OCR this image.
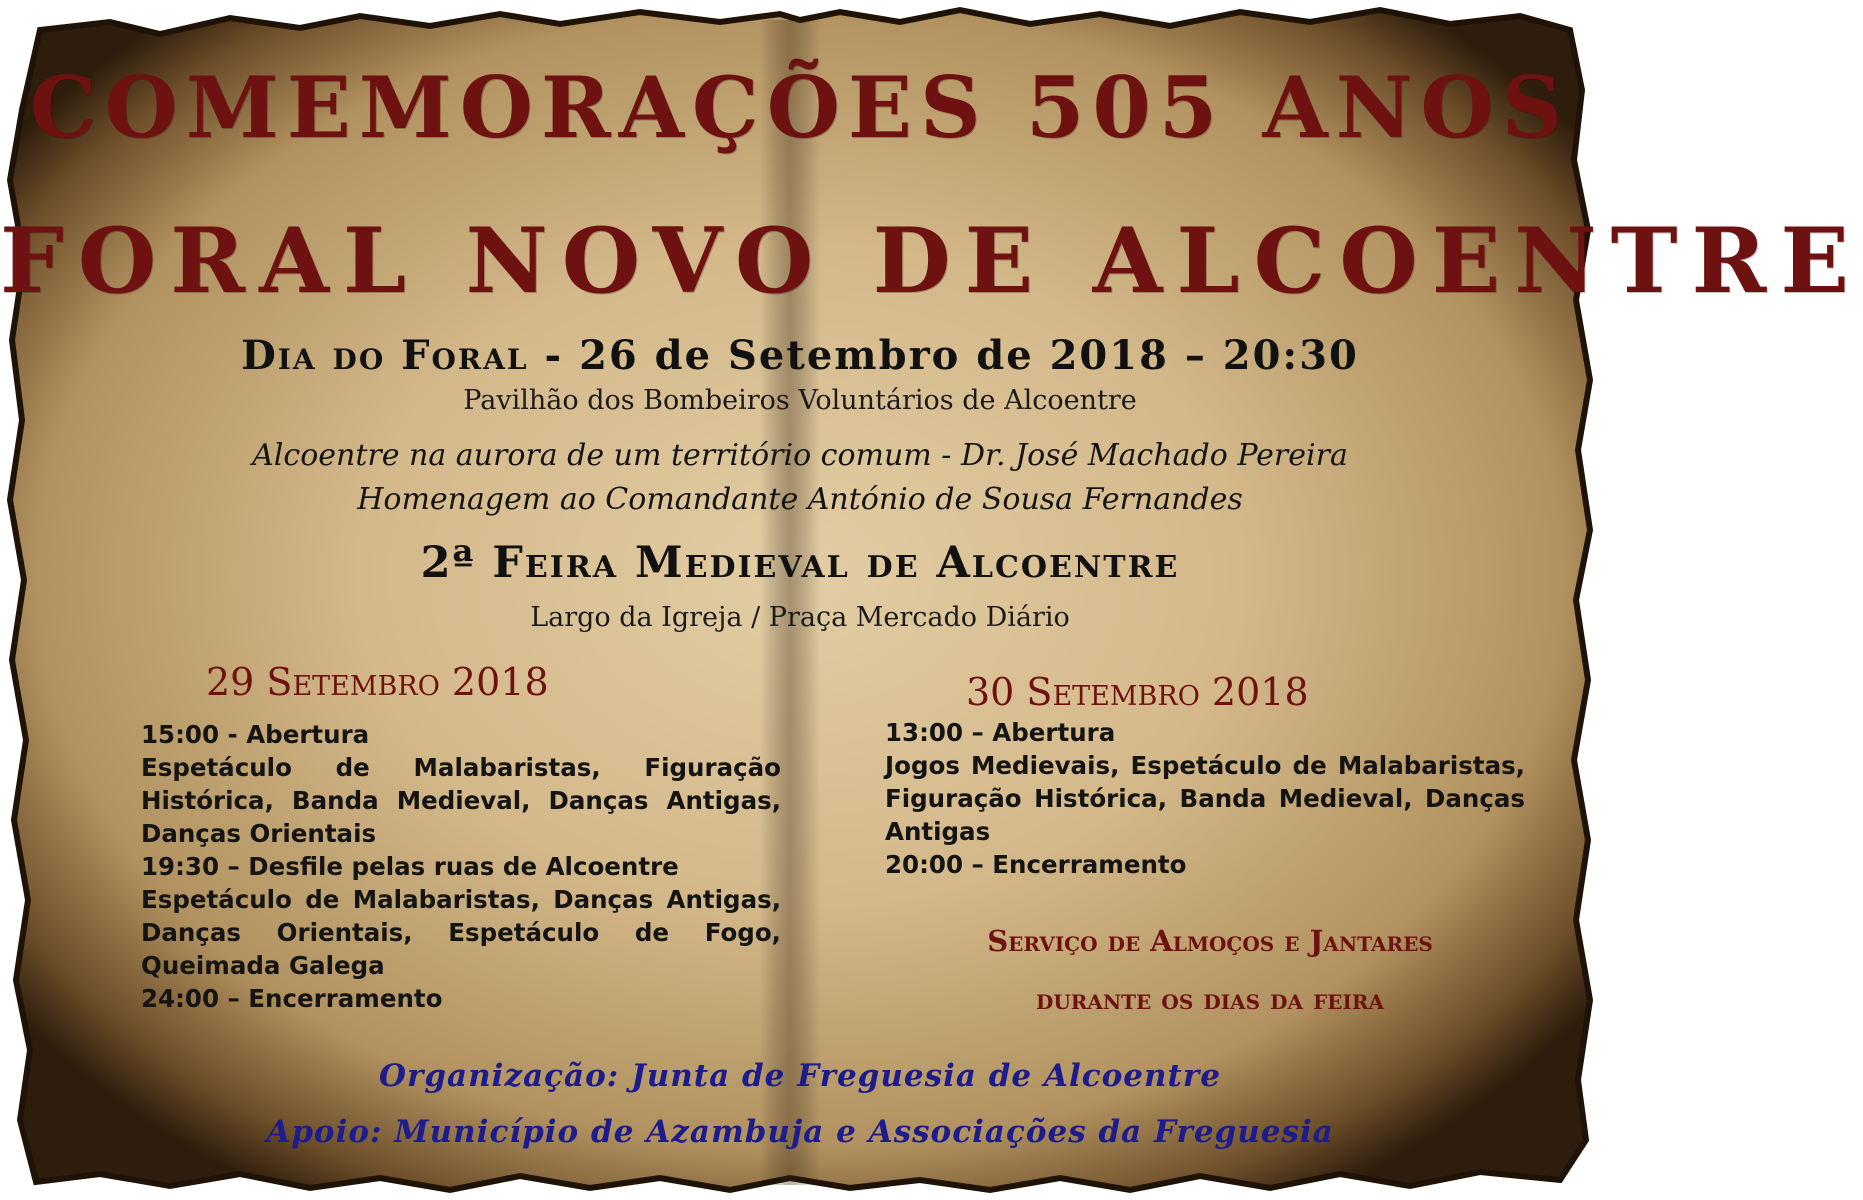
COMEMORAÇÕES 505 ANOS
FORAL NOVO DE ALCOENTRE
Dia do Foral - 26 de Setembro de 2018 – 20:30
Pavilhão dos Bombeiros Voluntários de Alcoentre
Alcoentre na aurora de um território comum - Dr. José Machado Pereira
Homenagem ao Comandante António de Sousa Fernandes
2ª Feira Medieval de Alcoentre
Largo da Igreja / Praça Mercado Diário
29 Setembro 2018
15:00 - Abertura
Espetáculo de Malabaristas, Figuração Histórica, Banda Medieval, Danças Antigas, Danças Orientais
19:30 – Desfile pelas ruas de Alcoentre
Espetáculo de Malabaristas, Danças Antigas, Danças Orientais, Espetáculo de Fogo, Queimada Galega
24:00 – Encerramento
30 Setembro 2018
13:00 – Abertura
Jogos Medievais, Espetáculo de Malabaristas, Figuração Histórica, Banda Medieval, Danças Antigas
20:00 – Encerramento
Serviço de Almoços e Jantares
durante os dias da feira
Organização: Junta de Freguesia de Alcoentre
Apoio: Município de Azambuja e Associações da Freguesia
